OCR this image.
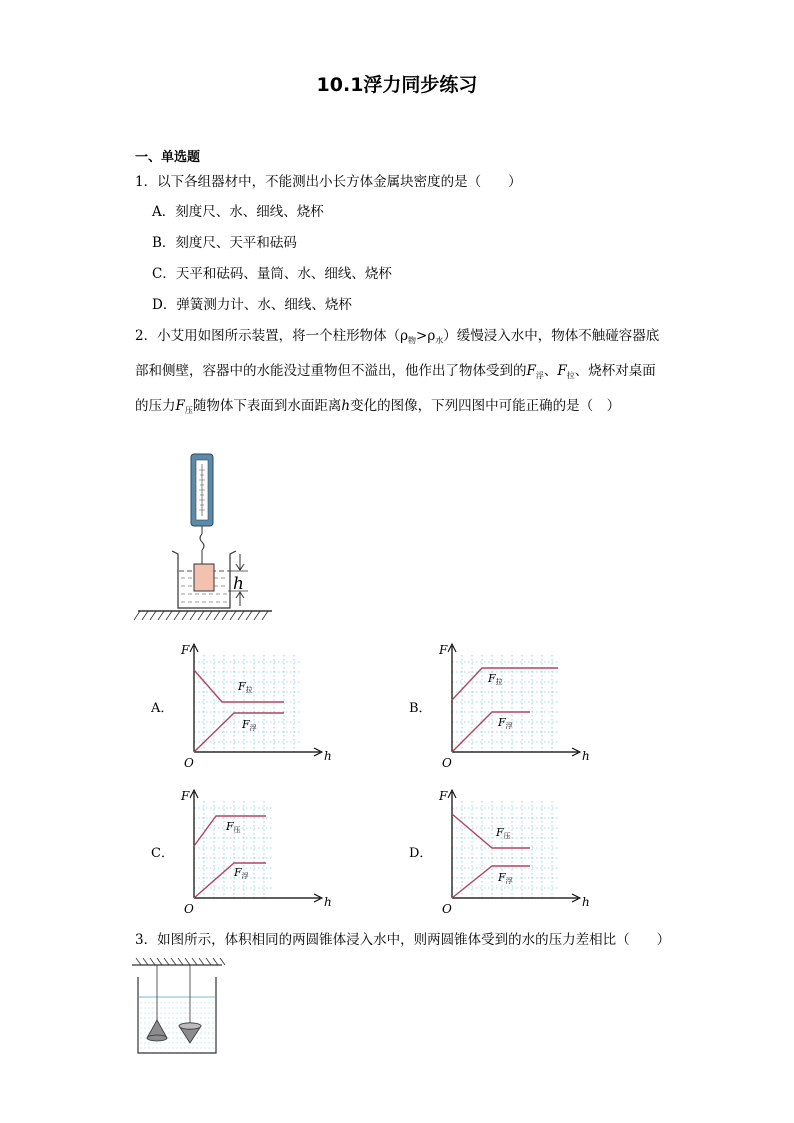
10.1浮力同步练习
一、单选题
1．以下各组器材中，不能测出小长方体金属块密度的是（　　）
A．刻度尺、水、细线、烧杯
B．刻度尺、天平和砝码
C．天平和砝码、量筒、水、细线、烧杯
D．弹簧测力计、水、细线、烧杯
2．小艾用如图所示装置，将一个柱形物体$(\rho_物>\rho_水)$缓慢浸入水中，物体不触碰容器底部和侧壁，容器中的水能没过重物但不溢出，他作出了物体受到的$F_浮$、$F_拉$、烧杯对桌面的压力$F_压$随物体下表面到水面距离h变化的图像，下列四图中可能正确的是（　）
h
A．
F
h
O
F拉
F浮
B．
F
h
O
F拉
F浮
C．
F
h
O
F压
F浮
D．
F
h
O
F压
F浮
3．如图所示，体积相同的两圆锥体浸入水中，则两圆锥体受到的水的压力差相比（　　）
